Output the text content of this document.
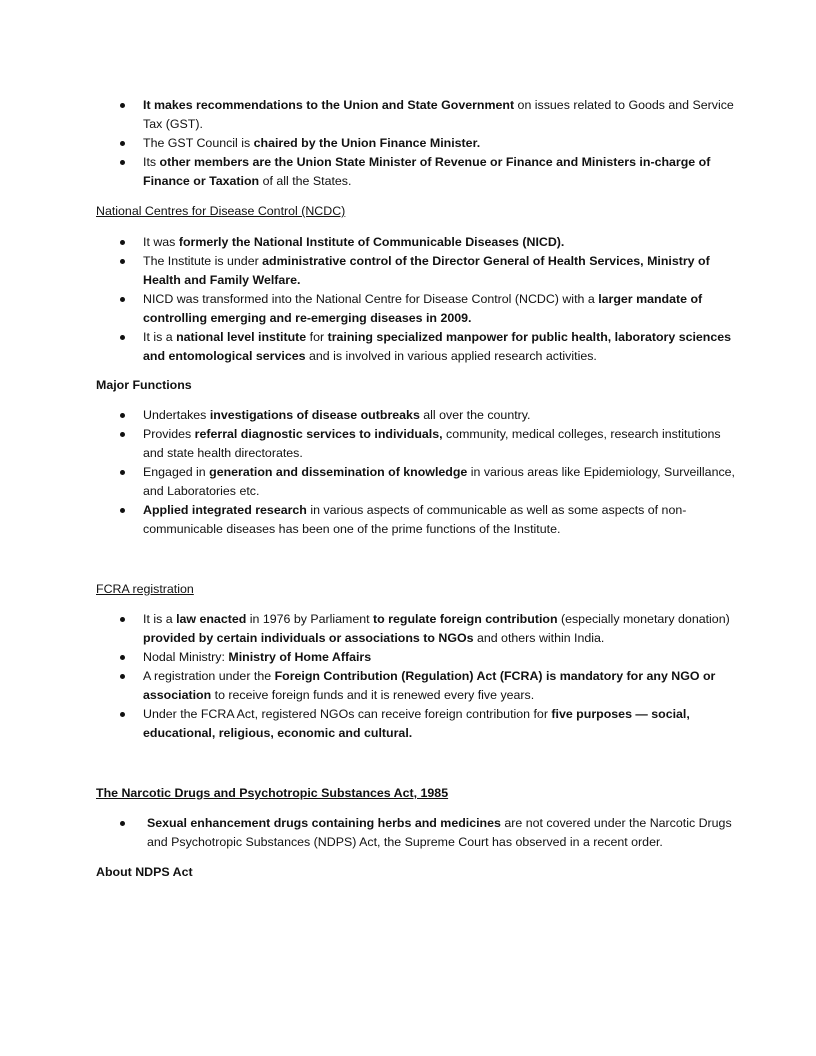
It makes recommendations to the Union and State Government on issues related to Goods and Service Tax (GST).
The GST Council is chaired by the Union Finance Minister.
Its other members are the Union State Minister of Revenue or Finance and Ministers in-charge of Finance or Taxation of all the States.

National Centres for Disease Control (NCDC)

It was formerly the National Institute of Communicable Diseases (NICD).
The Institute is under administrative control of the Director General of Health Services, Ministry of Health and Family Welfare.
NICD was transformed into the National Centre for Disease Control (NCDC) with a larger mandate of controlling emerging and re-emerging diseases in 2009.
It is a national level institute for training specialized manpower for public health, laboratory sciences and entomological services and is involved in various applied research activities.

Major Functions

Undertakes investigations of disease outbreaks all over the country.
Provides referral diagnostic services to individuals, community, medical colleges, research institutions and state health directorates.
Engaged in generation and dissemination of knowledge in various areas like Epidemiology, Surveillance, and Laboratories etc.
Applied integrated research in various aspects of communicable as well as some aspects of non-communicable diseases has been one of the prime functions of the Institute.

FCRA registration

It is a law enacted in 1976 by Parliament to regulate foreign contribution (especially monetary donation) provided by certain individuals or associations to NGOs and others within India.
Nodal Ministry: Ministry of Home Affairs
A registration under the Foreign Contribution (Regulation) Act (FCRA) is mandatory for any NGO or association to receive foreign funds and it is renewed every five years.
Under the FCRA Act, registered NGOs can receive foreign contribution for five purposes — social, educational, religious, economic and cultural.

The Narcotic Drugs and Psychotropic Substances Act, 1985

Sexual enhancement drugs containing herbs and medicines are not covered under the Narcotic Drugs and Psychotropic Substances (NDPS) Act, the Supreme Court has observed in a recent order.

About NDPS Act
